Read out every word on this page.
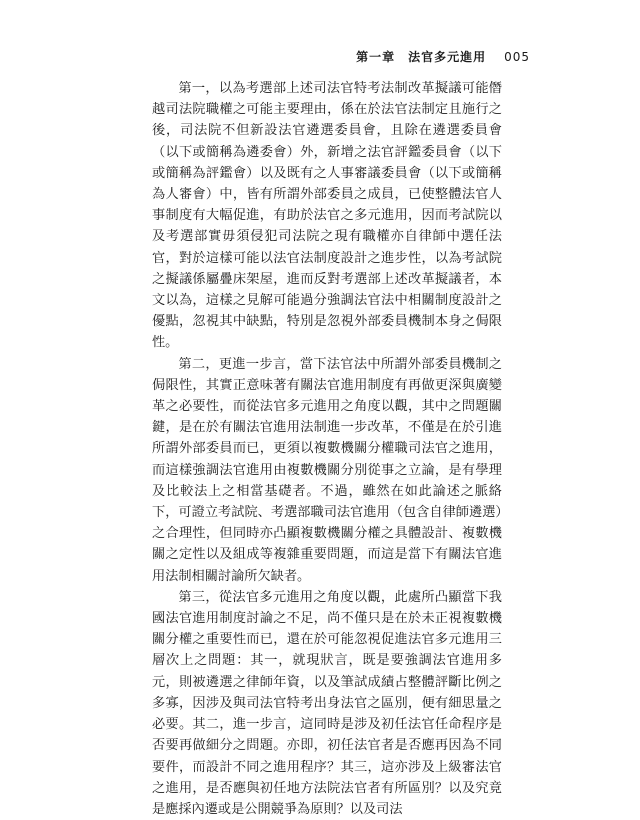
第一章　法官多元進用 005

第一，以為考選部上述司法官特考法制改革擬議可能僭越司法院職權之可能主要理由，係在於法官法制定且施行之後，司法院不但新設法官遴選委員會，且除在遴選委員會（以下或簡稱為遴委會）外，新增之法官評鑑委員會（以下或簡稱為評鑑會）以及既有之人事審議委員會（以下或簡稱為人審會）中，皆有所謂外部委員之成員，已使整體法官人事制度有大幅促進，有助於法官之多元進用，因而考試院以及考選部實毋須侵犯司法院之現有職權亦自律師中選任法官，對於這樣可能以法官法制度設計之進步性，以為考試院之擬議係屬疊床架屋，進而反對考選部上述改革擬議者，本文以為，這樣之見解可能過分強調法官法中相關制度設計之優點，忽視其中缺點，特別是忽視外部委員機制本身之侷限性。

第二，更進一步言，當下法官法中所謂外部委員機制之侷限性，其實正意味著有關法官進用制度有再做更深與廣變革之必要性，而從法官多元進用之角度以觀，其中之問題關鍵，是在於有關法官進用法制進一步改革，不僅是在於引進所謂外部委員而已，更須以複數機關分權職司法官之進用，而這樣強調法官進用由複數機關分別從事之立論，是有學理及比較法上之相當基礎者。不過，雖然在如此論述之脈絡下，可證立考試院、考選部職司法官進用（包含自律師遴選）之合理性，但同時亦凸顯複數機關分權之具體設計、複數機關之定性以及組成等複雜重要問題，而這是當下有關法官進用法制相關討論所欠缺者。

第三，從法官多元進用之角度以觀，此處所凸顯當下我國法官進用制度討論之不足，尚不僅只是在於未正視複數機關分權之重要性而已，還在於可能忽視促進法官多元進用三層次上之問題：其一，就現狀言，既是要強調法官進用多元，則被遴選之律師年資，以及筆試成績占整體評斷比例之多寡，因涉及與司法官特考出身法官之區別，便有細思量之必要。其二，進一步言，這同時是涉及初任法官任命程序是否要再做細分之問題。亦即，初任法官者是否應再因為不同要件，而設計不同之進用程序？其三，這亦涉及上級審法官之進用，是否應與初任地方法院法官者有所區別？以及究竟是應採內遷或是公開競爭為原則？以及司法
